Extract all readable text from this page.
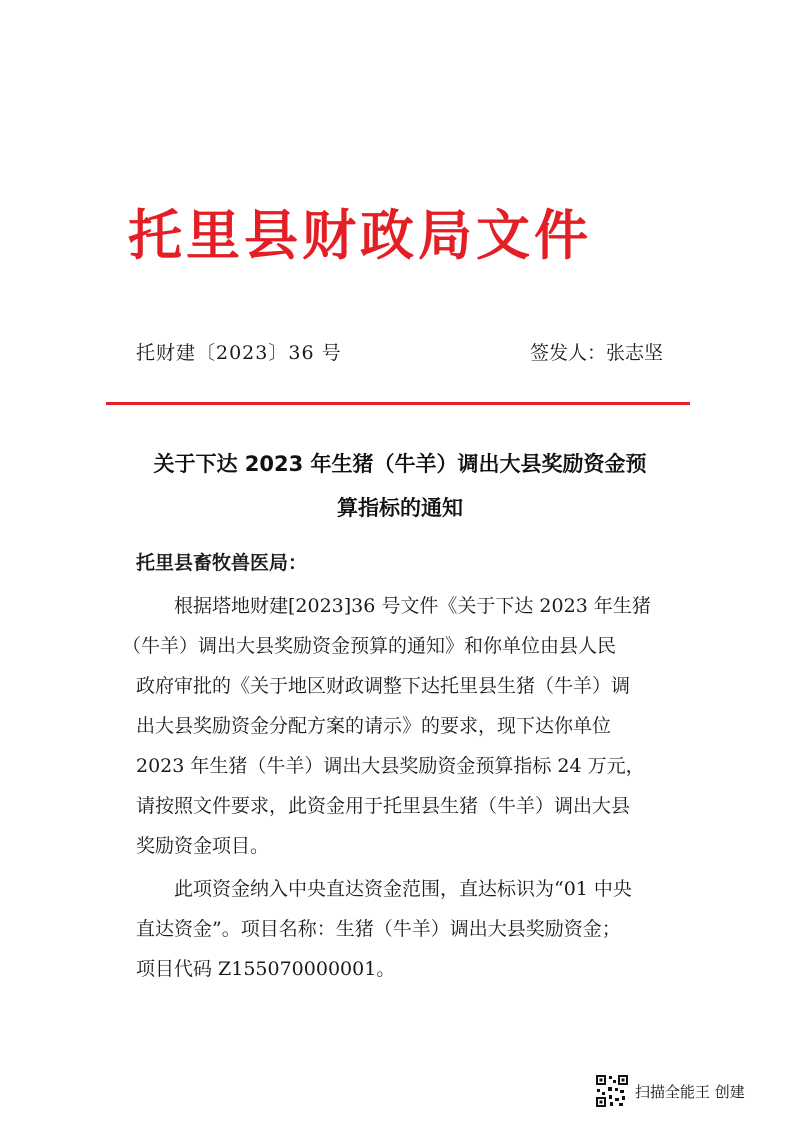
托里县财政局文件
托财建〔2023〕36 号	签发人：张志坚
关于下达 2023 年生猪（牛羊）调出大县奖励资金预
算指标的通知
托里县畜牧兽医局：
根据塔地财建[2023]36 号文件《关于下达 2023 年生猪
（牛羊）调出大县奖励资金预算的通知》和你单位由县人民
政府审批的《关于地区财政调整下达托里县生猪（牛羊）调
出大县奖励资金分配方案的请示》的要求，现下达你单位
2023 年生猪（牛羊）调出大县奖励资金预算指标 24 万元，
请按照文件要求，此资金用于托里县生猪（牛羊）调出大县
奖励资金项目。
此项资金纳入中央直达资金范围，直达标识为“01 中央
直达资金”。项目名称：生猪（牛羊）调出大县奖励资金；
项目代码 Z155070000001。
扫描全能王 创建
